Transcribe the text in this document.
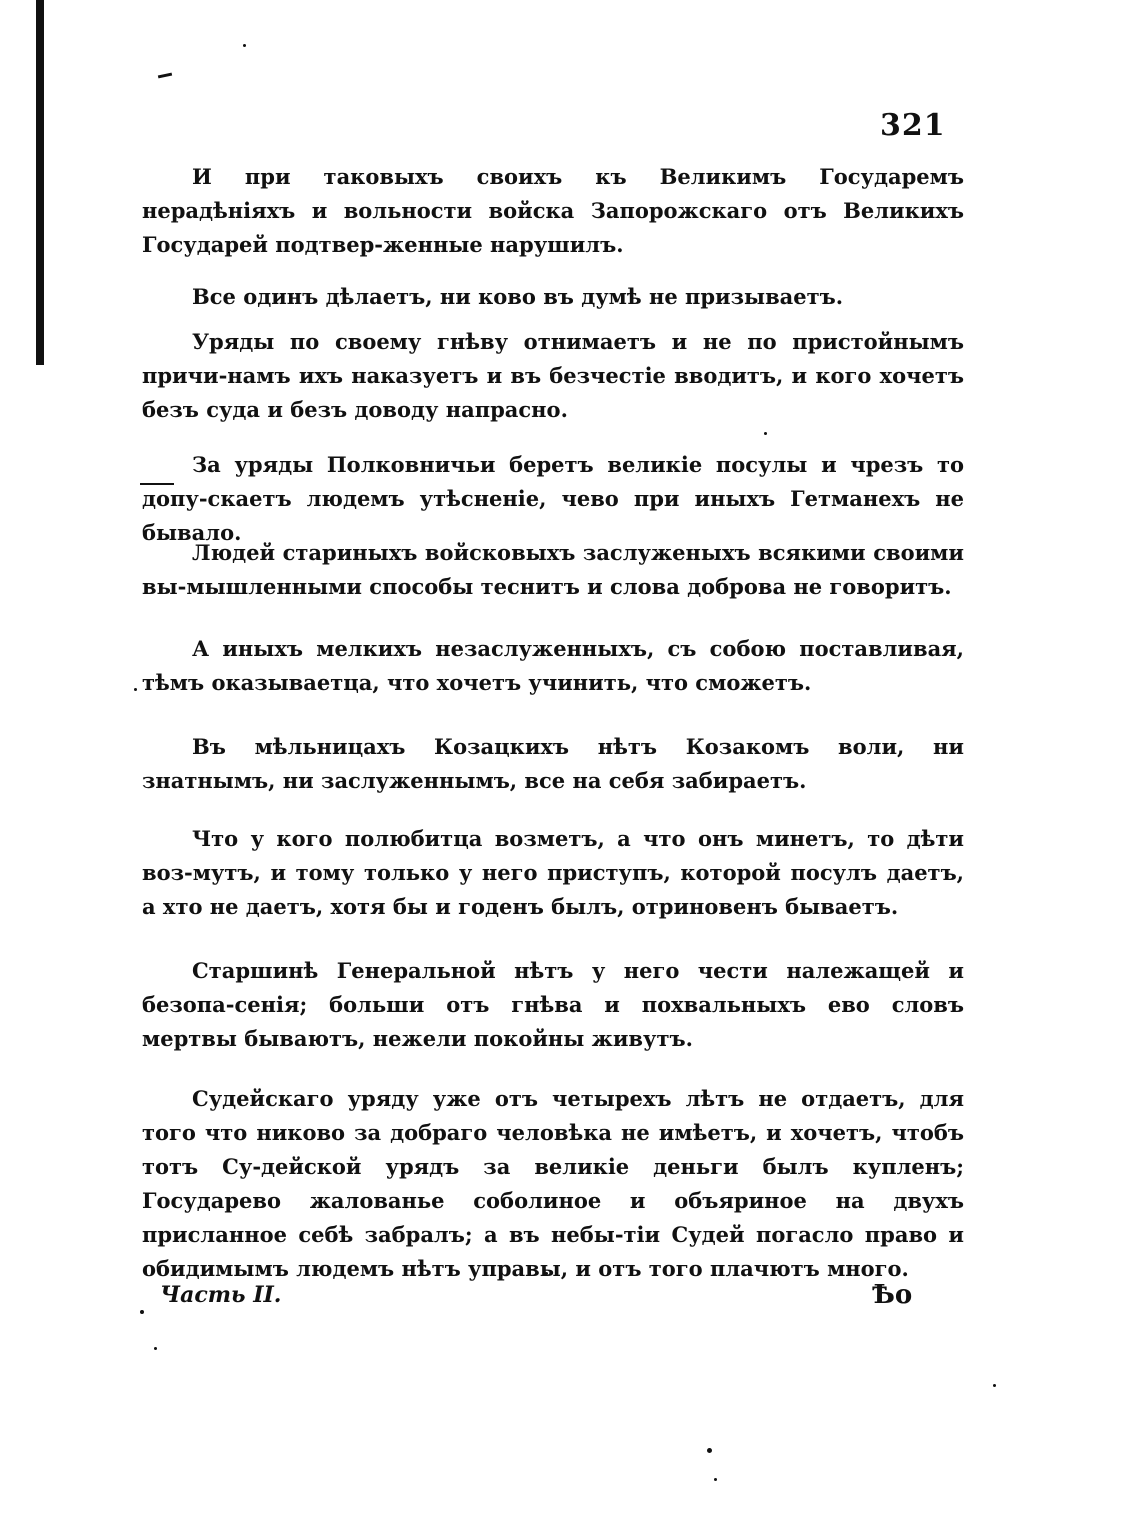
321

И при таковыхъ своихъ къ Великимъ Государемъ нерадѣніяхъ и вольности войска Запорожскаго отъ Великихъ Государей подтвер-женные нарушилъ.

Все одинъ дѣлаетъ, ни ково въ думѣ не призываетъ.

Уряды по своему гнѣву отнимаетъ и не по пристойнымъ причи-намъ ихъ наказуетъ и въ безчестіе вводитъ, и кого хочетъ безъ суда и безъ доводу напрасно.

За уряды Полковничьи беретъ великіе посулы и чрезъ то допу-скаетъ людемъ утѣсненіе, чево при иныхъ Гетманехъ не бывало.

Людей стариныхъ войсковыхъ заслуженыхъ всякими своими вы-мышленными способы теснитъ и слова доброва не говоритъ.

А иныхъ мелкихъ незаслуженныхъ, съ собою поставливая, тѣмъ оказываетца, что хочетъ учинить, что сможетъ.

Въ мѣльницахъ Козацкихъ нѣтъ Козакомъ воли, ни знатнымъ, ни заслуженнымъ, все на себя забираетъ.

Что у кого полюбитца возметъ, а что онъ минетъ, то дѣти воз-мутъ, и тому только у него приступъ, которой посулъ даетъ, а хто не даетъ, хотя бы и годенъ былъ, отриновенъ бываетъ.

Старшинѣ Генеральной нѣтъ у него чести належащей и безопа-сенія; больши отъ гнѣва и похвальныхъ ево словъ мертвы бываютъ, нежели покойны живутъ.

Судейскаго уряду уже отъ четырехъ лѣтъ не отдаетъ, для того что никово за добраго человѣка не имѣетъ, и хочетъ, чтобъ тотъ Су-дейской урядъ за великіе деньги былъ купленъ; Государево жалованье соболиное и объяриное на двухъ присланное себѣ забралъ; а въ небы-тіи Судей погасло право и обидимымъ людемъ нѣтъ управы, и отъ того плачютъ много.

Часть II.	Ѣо
